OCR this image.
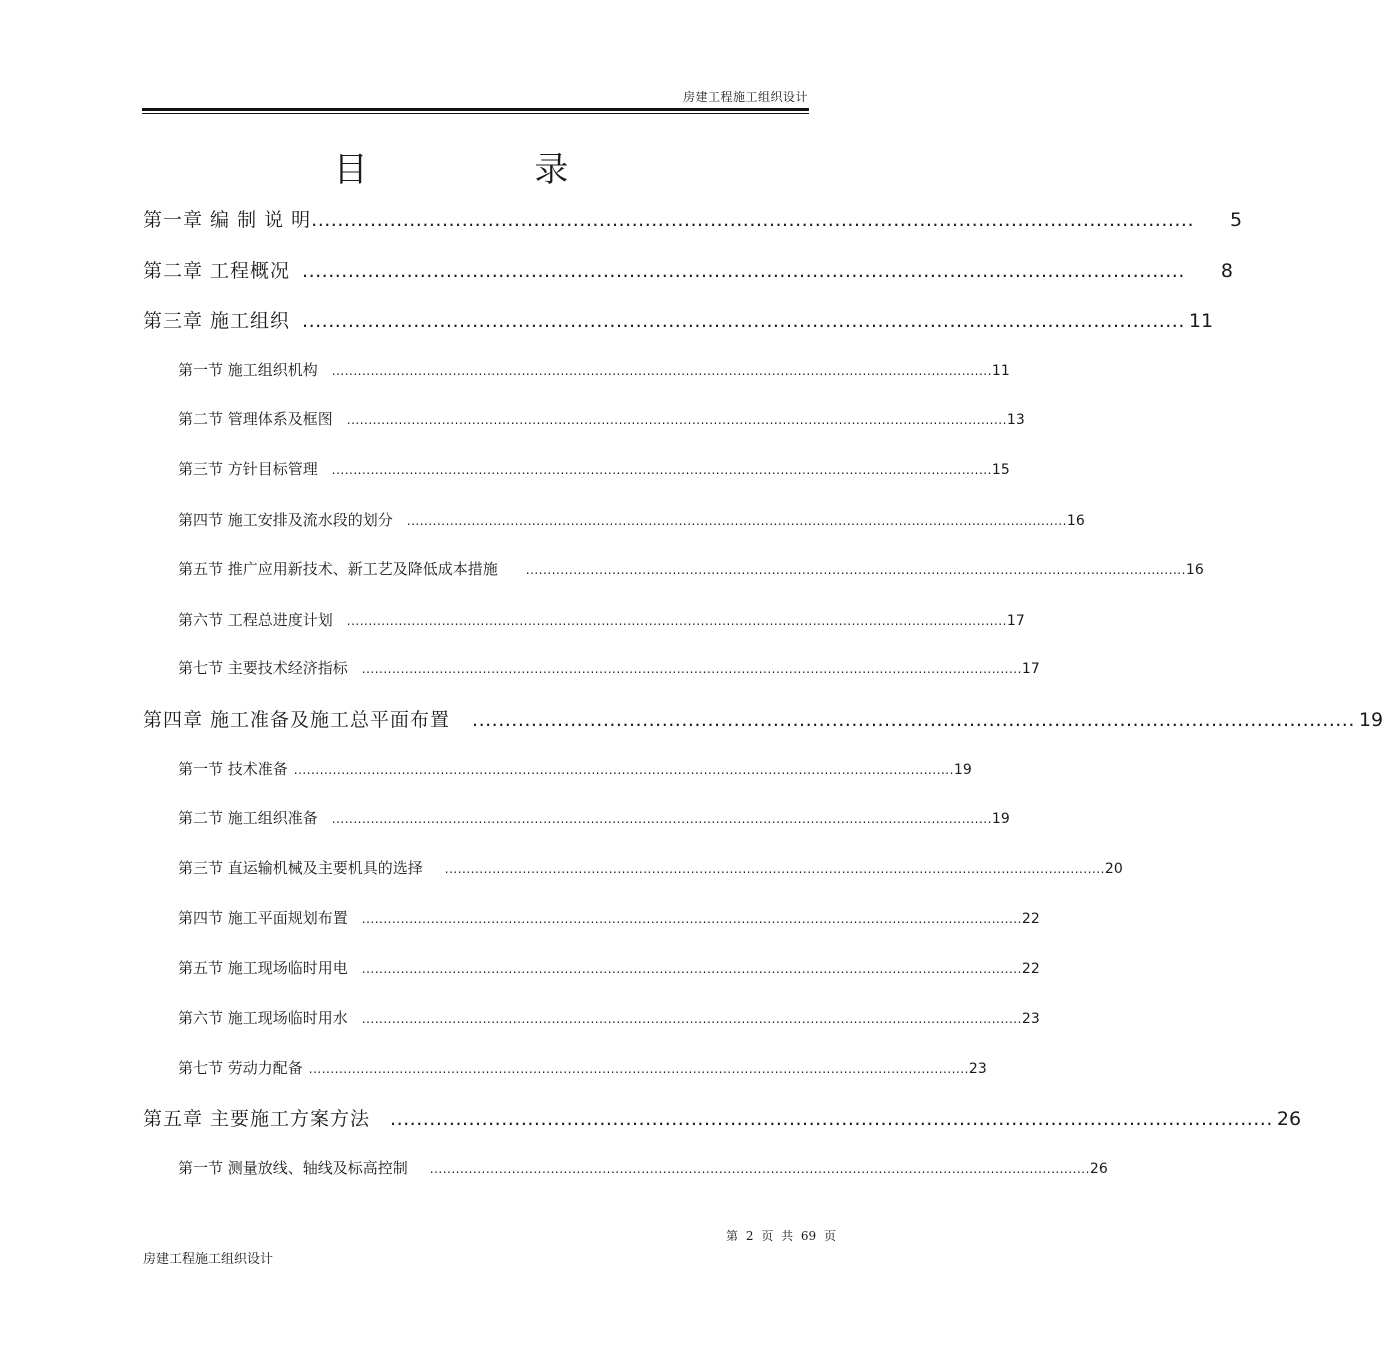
房建工程施工组织设计
目 录
第一章 编 制 说 明 ....................................................................................................................................... 5
第二章 工程概况 ....................................................................................................................................... 8
第三章 施工组织 ....................................................................................................................................... 11
第一节 施工组织机构 ......................................................................................................................................................... 11
第二节 管理体系及框图 ......................................................................................................................................................... 13
第三节 方针目标管理 ......................................................................................................................................................... 15
第四节 施工安排及流水段的划分 ......................................................................................................................................................... 16
第五节 推广应用新技术、新工艺及降低成本措施 ......................................................................................................................................................... 16
第六节 工程总进度计划 ......................................................................................................................................................... 17
第七节 主要技术经济指标 ......................................................................................................................................................... 17
第四章 施工准备及施工总平面布置 ....................................................................................................................................... 19
第一节 技术准备 ......................................................................................................................................................... 19
第二节 施工组织准备 ......................................................................................................................................................... 19
第三节 直运输机械及主要机具的选择 ......................................................................................................................................................... 20
第四节 施工平面规划布置 ......................................................................................................................................................... 22
第五节 施工现场临时用电 ......................................................................................................................................................... 22
第六节 施工现场临时用水 ......................................................................................................................................................... 23
第七节 劳动力配备 ......................................................................................................................................................... 23
第五章 主要施工方案方法 ....................................................................................................................................... 26
第一节 测量放线、轴线及标高控制 ......................................................................................................................................................... 26
第 2 页 共 69 页
房建工程施工组织设计
